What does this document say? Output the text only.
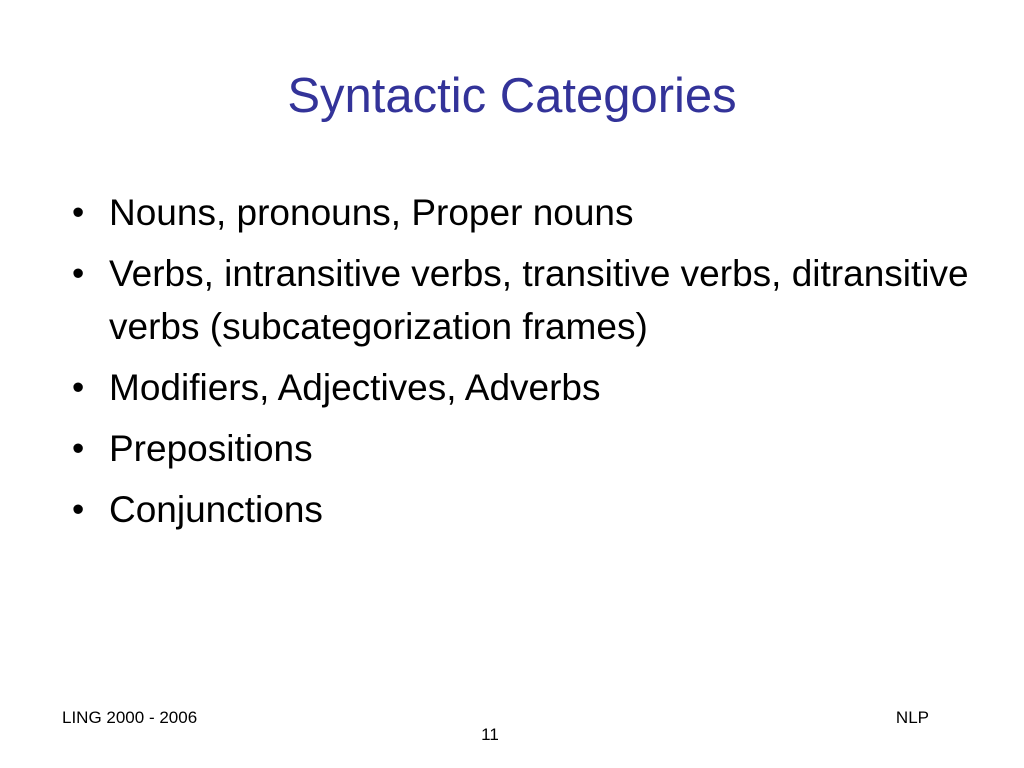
Syntactic Categories
• Nouns, pronouns, Proper nouns
• Verbs, intransitive verbs, transitive verbs, ditransitive verbs (subcategorization frames)
• Modifiers, Adjectives, Adverbs
• Prepositions
• Conjunctions
LING 2000 - 2006	NLP
11
